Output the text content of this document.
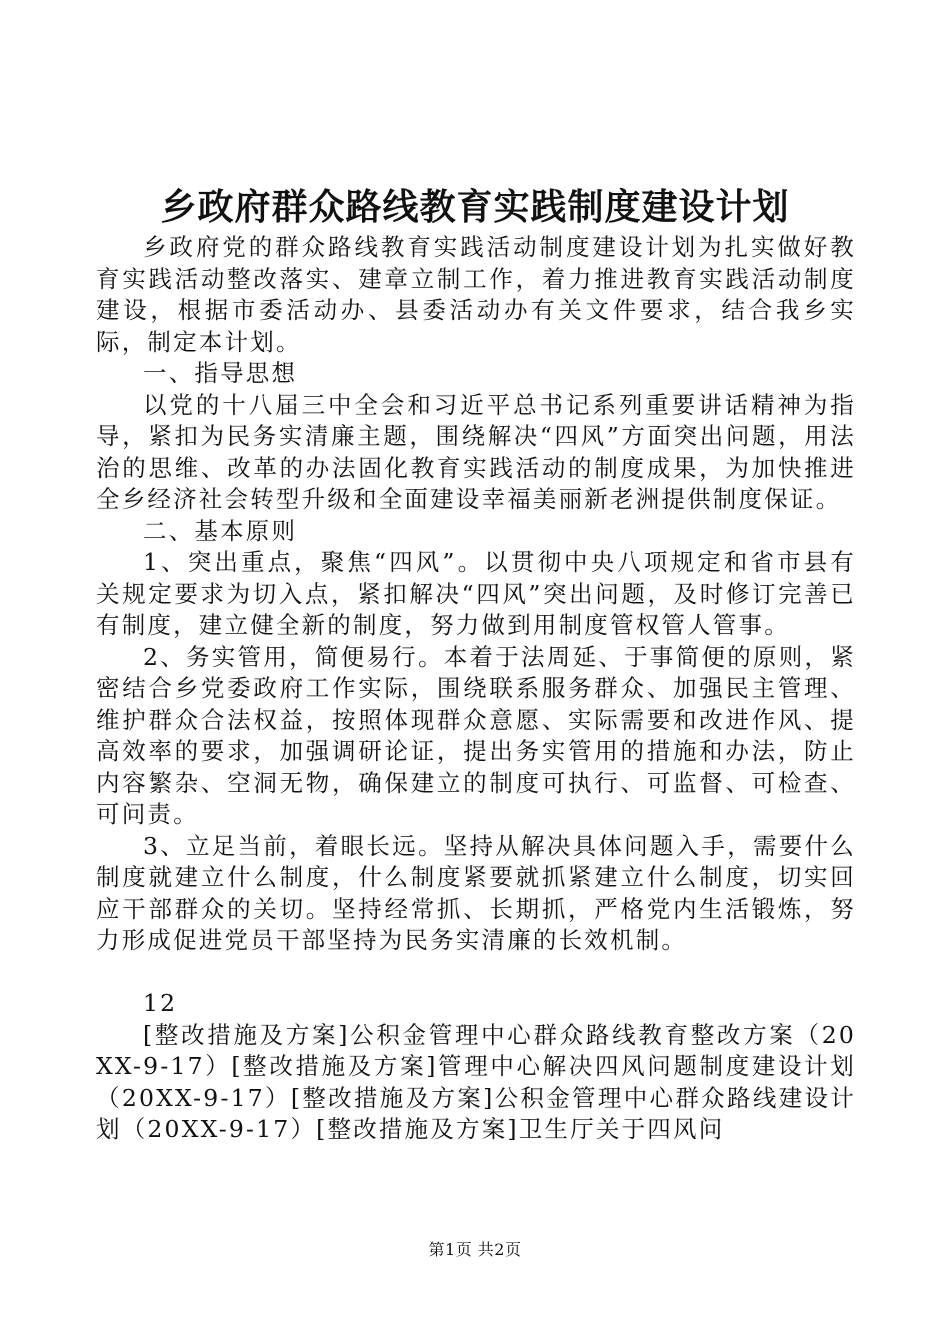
乡政府群众路线教育实践制度建设计划

乡政府党的群众路线教育实践活动制度建设计划为扎实做好教育实践活动整改落实、建章立制工作，着力推进教育实践活动制度建设，根据市委活动办、县委活动办有关文件要求，结合我乡实际，制定本计划。

一、指导思想

以党的十八届三中全会和习近平总书记系列重要讲话精神为指导，紧扣为民务实清廉主题，围绕解决“四风”方面突出问题，用法治的思维、改革的办法固化教育实践活动的制度成果，为加快推进全乡经济社会转型升级和全面建设幸福美丽新老洲提供制度保证。

二、基本原则

1、突出重点，聚焦“四风”。以贯彻中央八项规定和省市县有关规定要求为切入点，紧扣解决“四风”突出问题，及时修订完善已有制度，建立健全新的制度，努力做到用制度管权管人管事。

2、务实管用，简便易行。本着于法周延、于事简便的原则，紧密结合乡党委政府工作实际，围绕联系服务群众、加强民主管理、维护群众合法权益，按照体现群众意愿、实际需要和改进作风、提高效率的要求，加强调研论证，提出务实管用的措施和办法，防止内容繁杂、空洞无物，确保建立的制度可执行、可监督、可检查、可问责。

3、立足当前，着眼长远。坚持从解决具体问题入手，需要什么制度就建立什么制度，什么制度紧要就抓紧建立什么制度，切实回应干部群众的关切。坚持经常抓、长期抓，严格党内生活锻炼，努力形成促进党员干部坚持为民务实清廉的长效机制。

12

[整改措施及方案]公积金管理中心群众路线教育整改方案（20XX-9-17）[整改措施及方案]管理中心解决四风问题制度建设计划（20XX-9-17）[整改措施及方案]公积金管理中心群众路线建设计划（20XX-9-17）[整改措施及方案]卫生厅关于四风问

第1页 共2页
